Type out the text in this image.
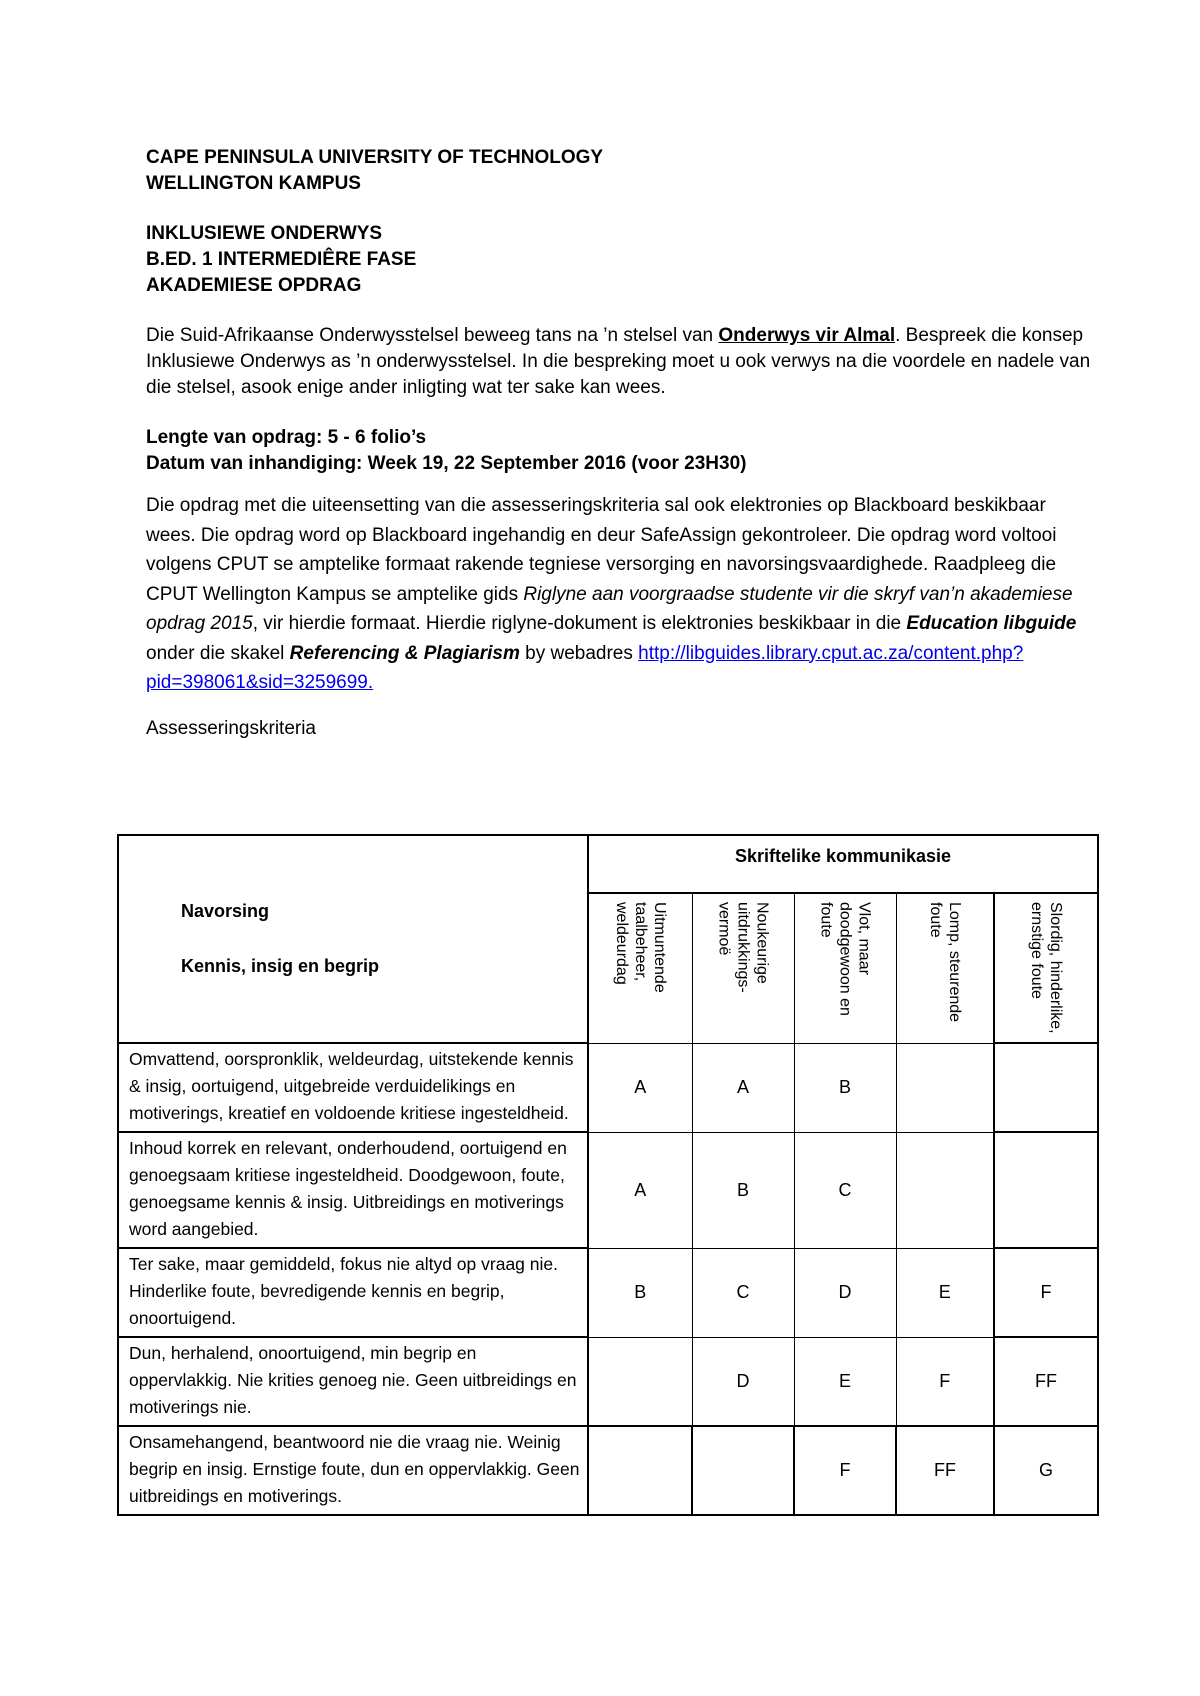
CAPE PENINSULA UNIVERSITY OF TECHNOLOGY

WELLINGTON KAMPUS

INKLUSIEWE ONDERWYS

B.ED. 1 INTERMEDIÊRE FASE

AKADEMIESE OPDRAG

Die Suid-Afrikaanse Onderwysstelsel beweeg tans na ’n stelsel van Onderwys vir Almal. Bespreek die konsep Inklusiewe Onderwys as ’n onderwysstelsel. In die bespreking moet u ook verwys na die voordele en nadele van die stelsel, asook enige ander inligting wat ter sake kan wees.

Lengte van opdrag: 5 - 6 folio’s

Datum van inhandiging: Week 19, 22 September 2016 (voor 23H30)

Die opdrag met die uiteensetting van die assesseringskriteria sal ook elektronies op Blackboard beskikbaar wees. Die opdrag word op Blackboard ingehandig en deur SafeAssign gekontroleer. Die opdrag word voltooi volgens CPUT se amptelike formaat rakende tegniese versorging en navorsingsvaardighede. Raadpleeg die CPUT Wellington Kampus se amptelike gids Riglyne aan voorgraadse studente vir die skryf van’n akademiese opdrag 2015, vir hierdie formaat. Hierdie riglyne-dokument is elektronies beskikbaar in die Education libguide onder die skakel Referencing & Plagiarism by webadres http://libguides.library.cput.ac.za/content.php?pid=398061&sid=3259699.

Assesseringskriteria

Navorsing
Kennis, insig en begrip	Skriftelike kommunikasie				

	Uitmuntende taalbeheer, weldeurdag	Noukeurige uitdrukkings-vermoë	Vlot, maar doodgewoon en foute	Lomp, steurende foute	Slordig, hinderlike, ernstige foute

Omvattend, oorspronklik, weldeurdag, uitstekende kennis & insig, oortuigend, uitgebreide verduidelikings en motiverings, kreatief en voldoende kritiese ingesteldheid.	A	A	B		
Inhoud korrek en relevant, onderhoudend, oortuigend en genoegsaam kritiese ingesteldheid. Doodgewoon, foute, genoegsame kennis & insig. Uitbreidings en motiverings word aangebied.	A	B	C		
Ter sake, maar gemiddeld, fokus nie altyd op vraag nie. Hinderlike foute, bevredigende kennis en begrip, onoortuigend.	B	C	D	E	F
Dun, herhalend, onoortuigend, min begrip en oppervlakkig. Nie krities genoeg nie. Geen uitbreidings en motiverings nie.		D	E	F	FF
Onsamehangend, beantwoord nie die vraag nie. Weinig begrip en insig. Ernstige foute, dun en oppervlakkig. Geen uitbreidings en motiverings.			F	FF	G
